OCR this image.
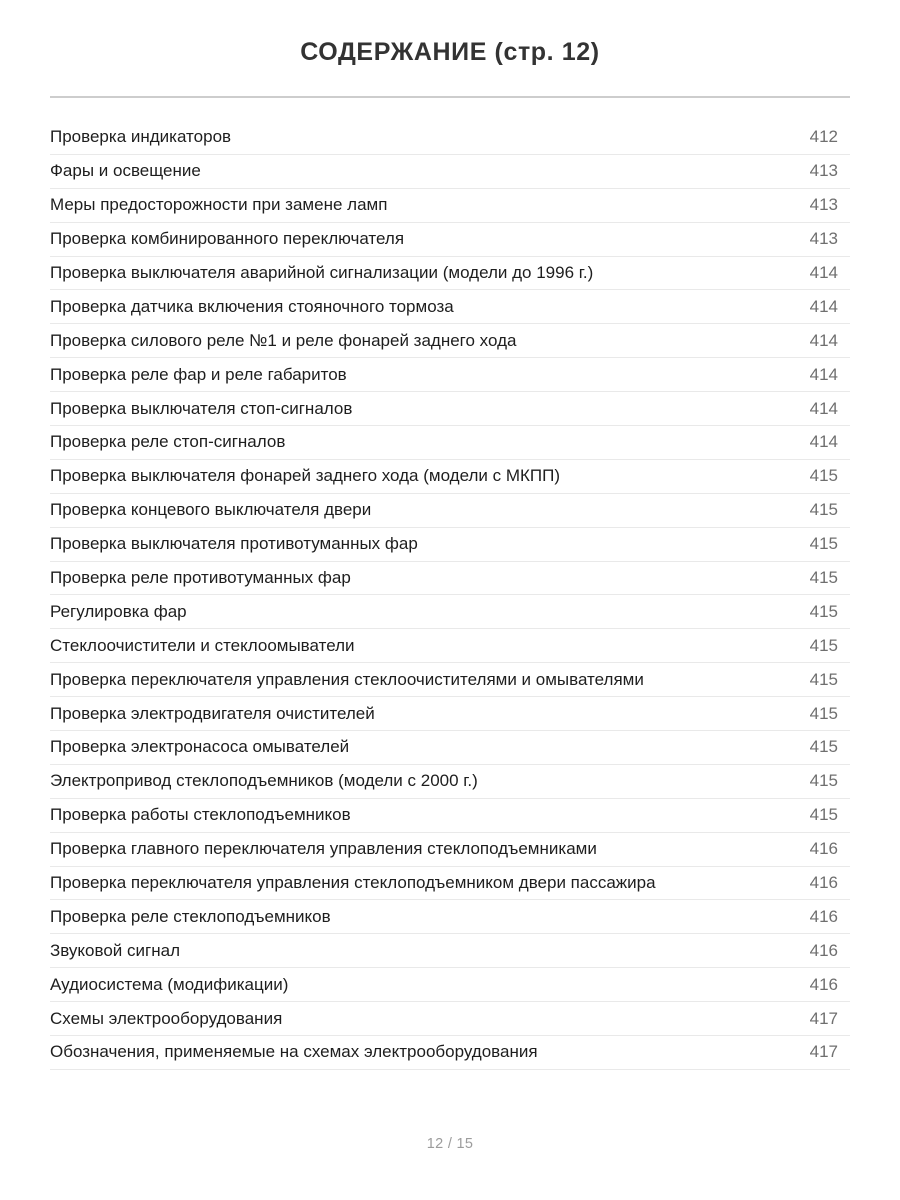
СОДЕРЖАНИЕ (стр. 12)
Проверка индикаторов	412
Фары и освещение	413
Меры предосторожности при замене ламп	413
Проверка комбинированного переключателя	413
Проверка выключателя аварийной сигнализации (модели до 1996 г.)	414
Проверка датчика включения стояночного тормоза	414
Проверка силового реле №1 и реле фонарей заднего хода	414
Проверка реле фар и реле габаритов	414
Проверка выключателя стоп-сигналов	414
Проверка реле стоп-сигналов	414
Проверка выключателя фонарей заднего хода (модели с МКПП)	415
Проверка концевого выключателя двери	415
Проверка выключателя противотуманных фар	415
Проверка реле противотуманных фар	415
Регулировка фар	415
Стеклоочистители и стеклоомыватели	415
Проверка переключателя управления стеклоочистителями и омывателями	415
Проверка электродвигателя очистителей	415
Проверка электронасоса омывателей	415
Электропривод стеклоподъемников (модели с 2000 г.)	415
Проверка работы стеклоподъемников	415
Проверка главного переключателя управления стеклоподъемниками	416
Проверка переключателя управления стеклоподъемником двери пассажира	416
Проверка реле стеклоподъемников	416
Звуковой сигнал	416
Аудиосистема (модификации)	416
Схемы электрооборудования	417
Обозначения, применяемые на схемах электрооборудования	417
12 / 15
